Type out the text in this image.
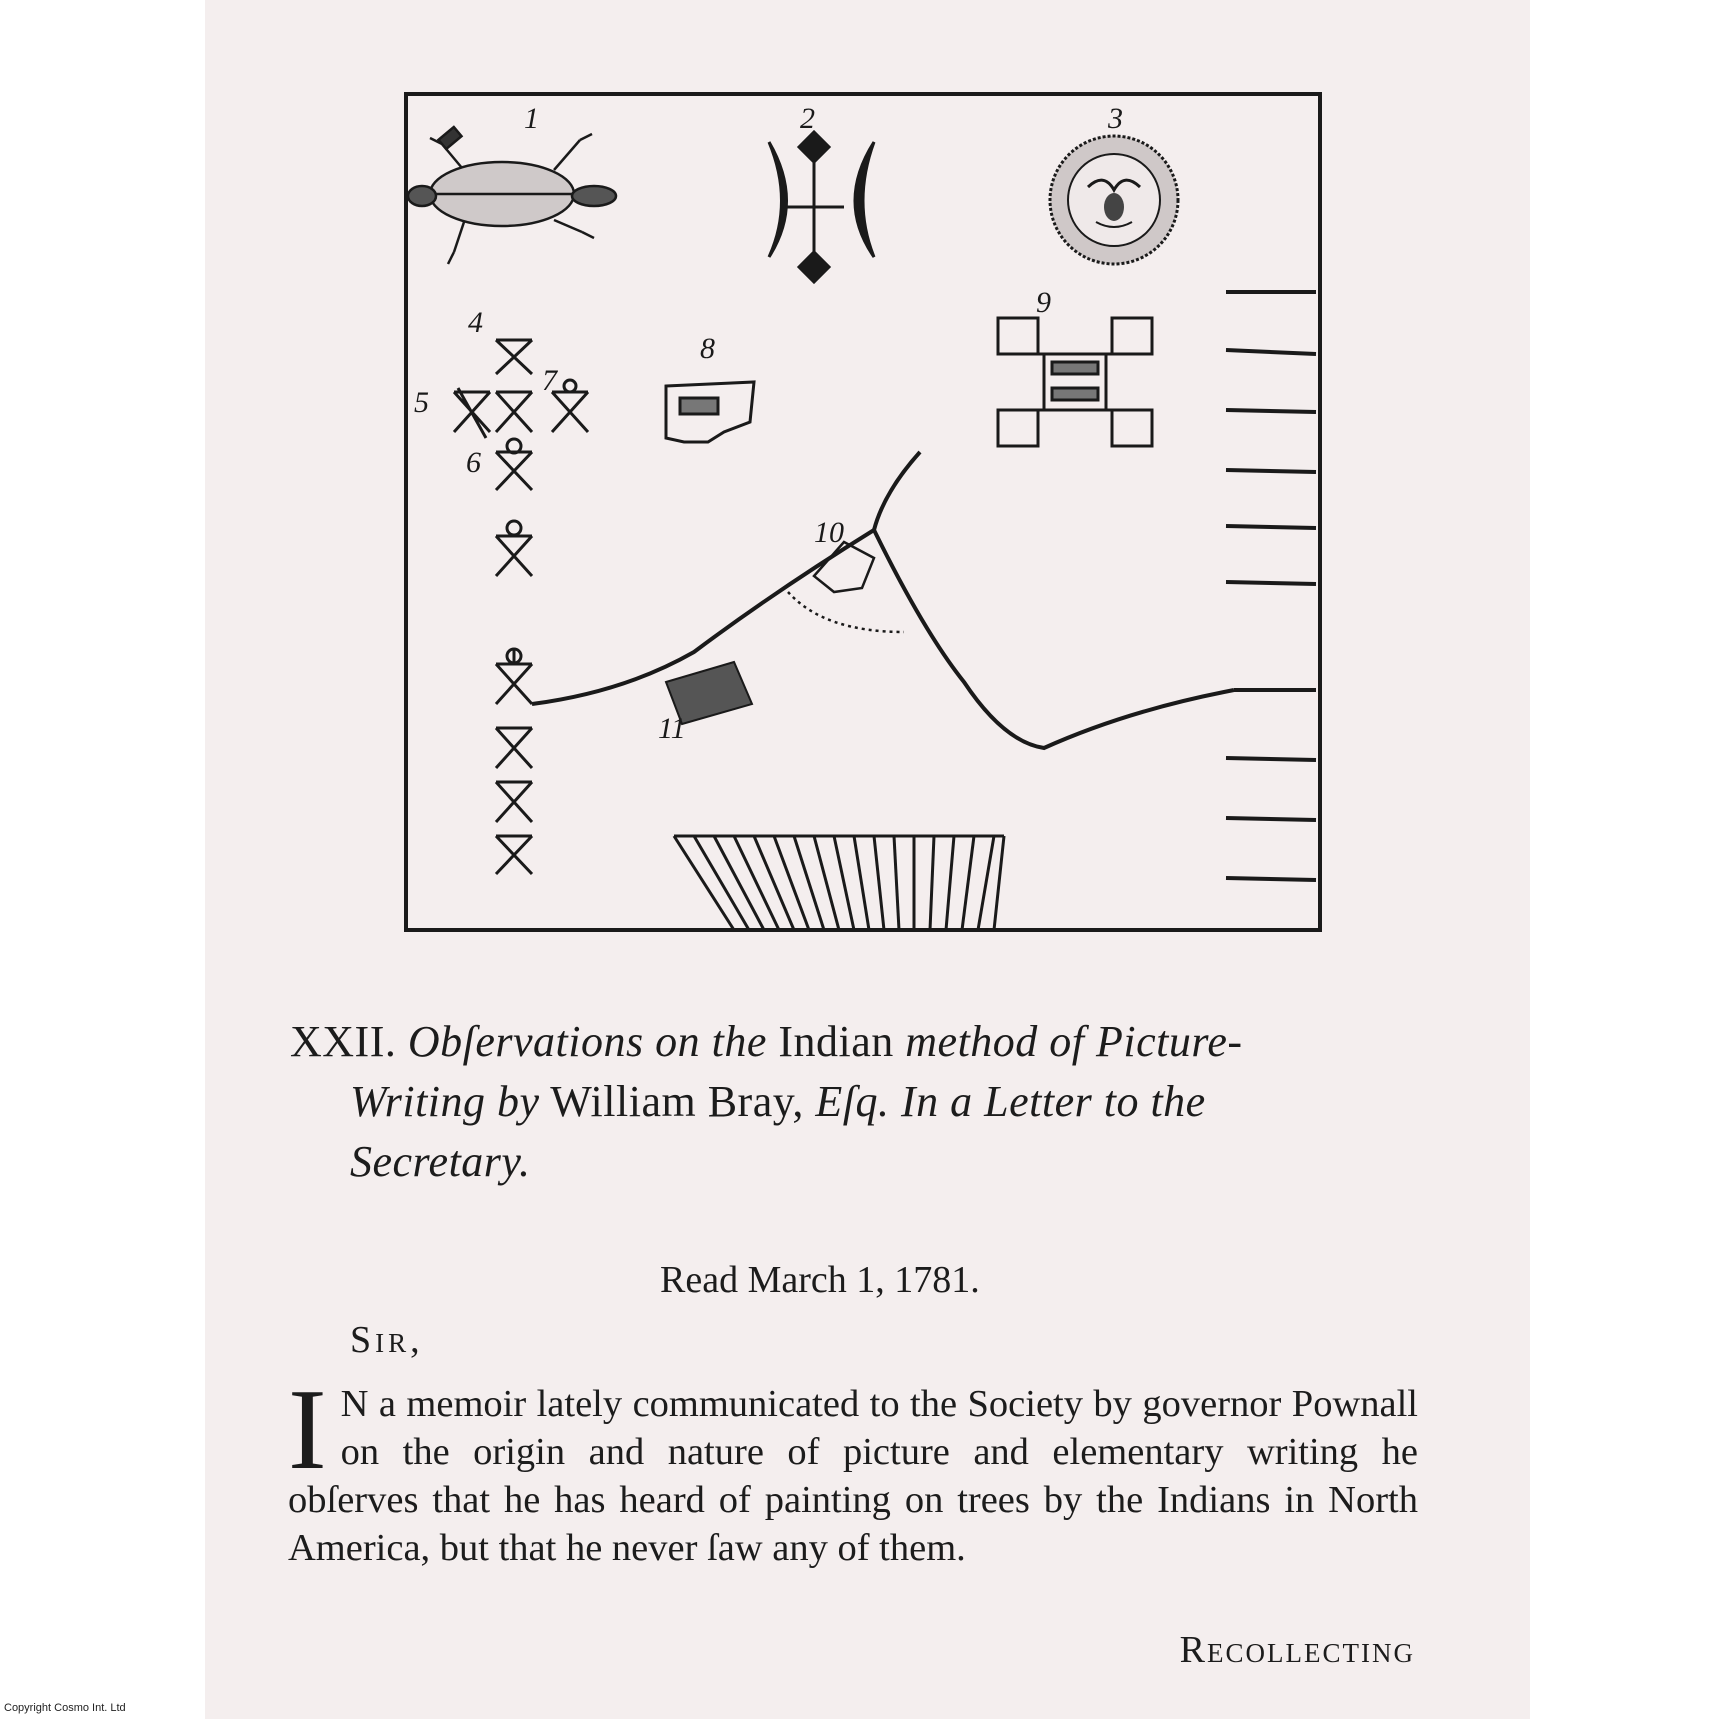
1	2	3
4
5
6
7
8
9
10
11
XXII. Obſervations on the Indian method of Picture-
Writing by William Bray, Eſq. In a Letter to the
Secretary.
Read March 1, 1781.
Sir,
I N a memoir lately communicated to the Society by governor Pownall on the origin and nature of picture and elementary writing he obſerves that he has heard of painting on trees by the Indians in North America, but that he never ſaw any of them.
Recollecting
Copyright Cosmo Int. Ltd
